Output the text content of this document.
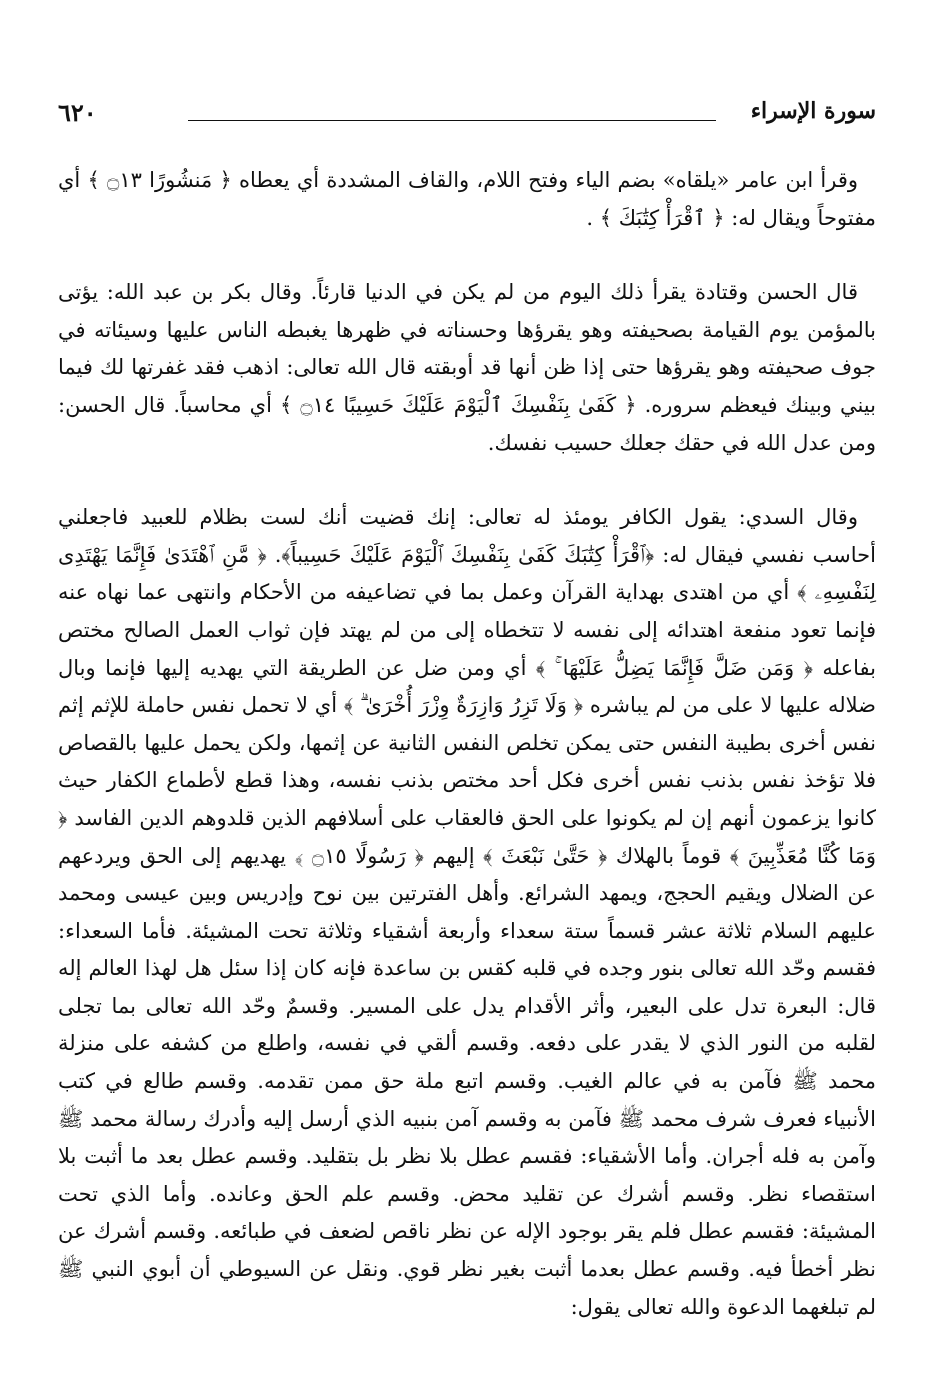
٦٢٠	سورة الإسراء

وقرأ ابن عامر «يلقاه» بضم الياء وفتح اللام، والقاف المشددة أي يعطاه ﴿ مَنشُورًا ۝١٣ ﴾ أي مفتوحاً ويقال له: ﴿ ٱقْرَأْ كِتَٰبَكَ ﴾ .

قال الحسن وقتادة يقرأ ذلك اليوم من لم يكن في الدنيا قارئاً. وقال بكر بن عبد الله: يؤتى بالمؤمن يوم القيامة بصحيفته وهو يقرؤها وحسناته في ظهرها يغبطه الناس عليها وسيئاته في جوف صحيفته وهو يقرؤها حتى إذا ظن أنها قد أوبقته قال الله تعالى: اذهب فقد غفرتها لك فيما بيني وبينك فيعظم سروره. ﴿ كَفَىٰ بِنَفْسِكَ ٱلْيَوْمَ عَلَيْكَ حَسِيبًا ۝١٤ ﴾ أي محاسباً. قال الحسن: ومن عدل الله في حقك جعلك حسيب نفسك.

وقال السدي: يقول الكافر يومئذ له تعالى: إنك قضيت أنك لست بظلام للعبيد فاجعلني أحاسب نفسي فيقال له: ﴿ٱقْرَأْ كِتَٰبَكَ كَفَىٰ بِنَفْسِكَ ٱلْيَوْمَ عَلَيْكَ حَسِيباً﴾. ﴿ مَّنِ ٱهْتَدَىٰ فَإِنَّمَا يَهْتَدِى لِنَفْسِهِۦ ﴾ أي من اهتدى بهداية القرآن وعمل بما في تضاعيفه من الأحكام وانتهى عما نهاه عنه فإنما تعود منفعة اهتدائه إلى نفسه لا تتخطاه إلى من لم يهتد فإن ثواب العمل الصالح مختص بفاعله ﴿ وَمَن ضَلَّ فَإِنَّمَا يَضِلُّ عَلَيْهَا ۚ ﴾ أي ومن ضل عن الطريقة التي يهديه إليها فإنما وبال ضلاله عليها لا على من لم يباشره ﴿ وَلَا تَزِرُ وَازِرَةٌ وِزْرَ أُخْرَىٰ ۗ ﴾ أي لا تحمل نفس حاملة للإثم إثم نفس أخرى بطيبة النفس حتى يمكن تخلص النفس الثانية عن إثمها، ولكن يحمل عليها بالقصاص فلا تؤخذ نفس بذنب نفس أخرى فكل أحد مختص بذنب نفسه، وهذا قطع لأطماع الكفار حيث كانوا يزعمون أنهم إن لم يكونوا على الحق فالعقاب على أسلافهم الذين قلدوهم الدين الفاسد ﴿ وَمَا كُنَّا مُعَذِّبِينَ ﴾ قوماً بالهلاك ﴿ حَتَّىٰ نَبْعَثَ ﴾ إليهم ﴿ رَسُولًا ۝١٥ ﴾ يهديهم إلى الحق ويردعهم عن الضلال ويقيم الحجج، ويمهد الشرائع. وأهل الفترتين بين نوح وإدريس وبين عيسى ومحمد عليهم السلام ثلاثة عشر قسماً ستة سعداء وأربعة أشقياء وثلاثة تحت المشيئة. فأما السعداء: فقسم وحّد الله تعالى بنور وجده في قلبه كقس بن ساعدة فإنه كان إذا سئل هل لهذا العالم إله قال: البعرة تدل على البعير، وأثر الأقدام يدل على المسير. وقسمٌ وحّد الله تعالى بما تجلى لقلبه من النور الذي لا يقدر على دفعه. وقسم ألقي في نفسه، واطلع من كشفه على منزلة محمد ﷺ فآمن به في عالم الغيب. وقسم اتبع ملة حق ممن تقدمه. وقسم طالع في كتب الأنبياء فعرف شرف محمد ﷺ فآمن به وقسم آمن بنبيه الذي أرسل إليه وأدرك رسالة محمد ﷺ وآمن به فله أجران. وأما الأشقياء: فقسم عطل بلا نظر بل بتقليد. وقسم عطل بعد ما أثبت بلا استقصاء نظر. وقسم أشرك عن تقليد محض. وقسم علم الحق وعانده. وأما الذي تحت المشيئة: فقسم عطل فلم يقر بوجود الإله عن نظر ناقص لضعف في طبائعه. وقسم أشرك عن نظر أخطأ فيه. وقسم عطل بعدما أثبت بغير نظر قوي. ونقل عن السيوطي أن أبوي النبي ﷺ لم تبلغهما الدعوة والله تعالى يقول:
